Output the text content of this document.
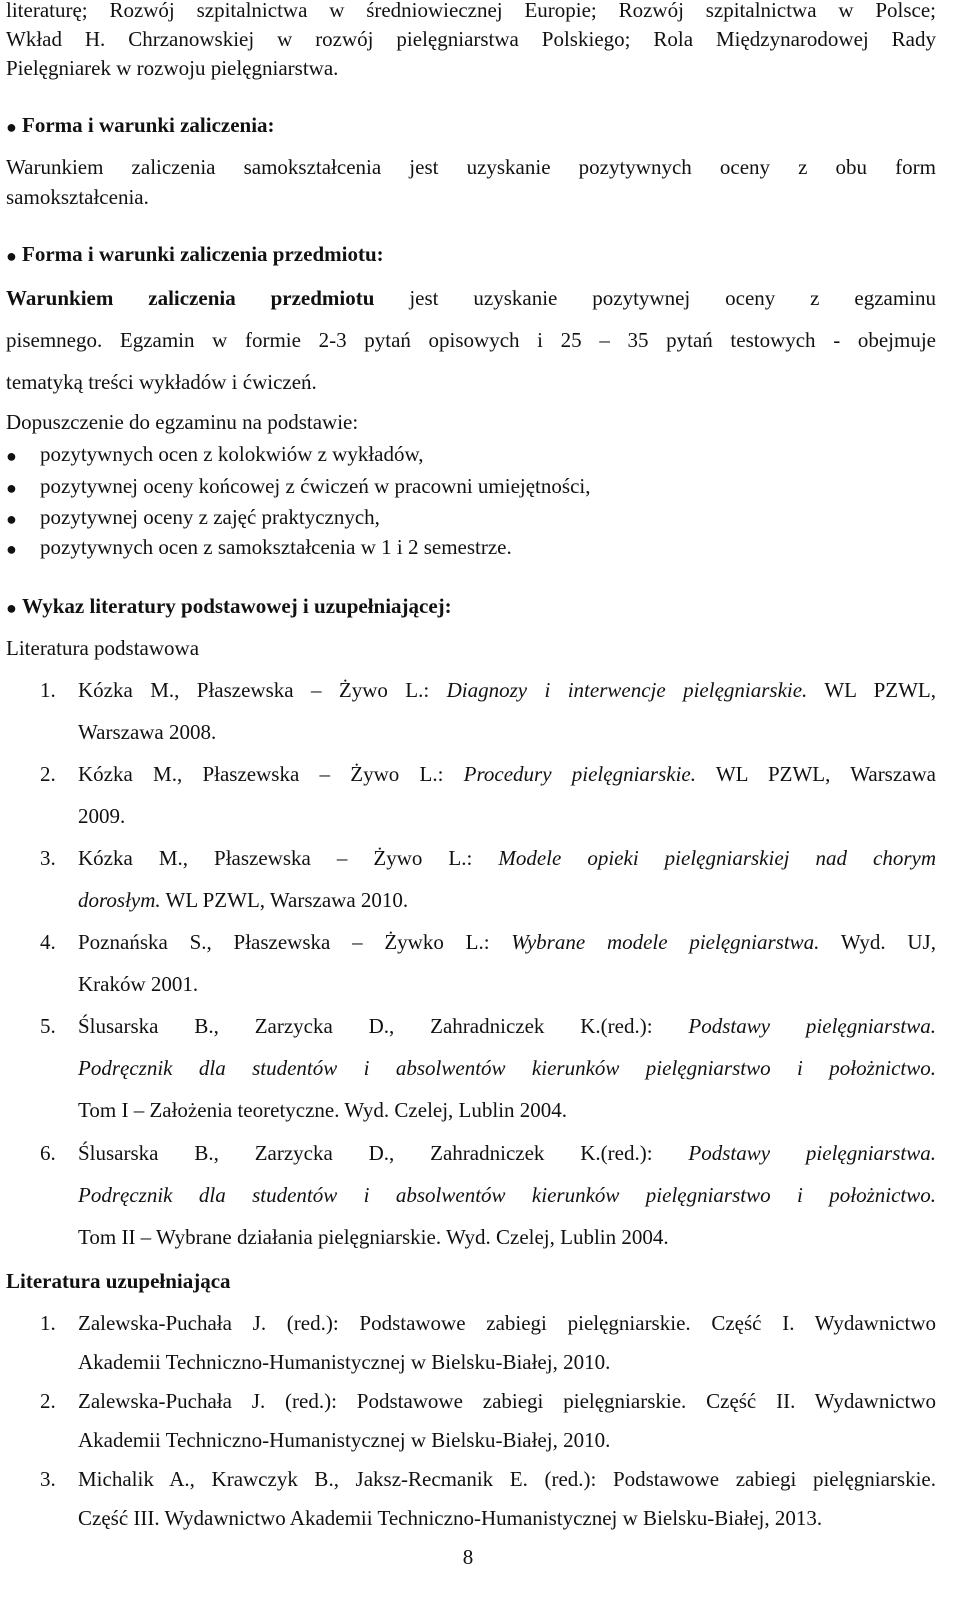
literaturę; Rozwój szpitalnictwa w średniowiecznej Europie; Rozwój szpitalnictwa w Polsce;
Wkład H. Chrzanowskiej w rozwój pielęgniarstwa Polskiego; Rola Międzynarodowej Rady
Pielęgniarek w rozwoju pielęgniarstwa.
● Forma i warunki zaliczenia:
Warunkiem zaliczenia samokształcenia jest uzyskanie pozytywnych oceny z obu form
samokształcenia.
● Forma i warunki zaliczenia przedmiotu:
Warunkiem zaliczenia przedmiotu jest uzyskanie pozytywnej oceny z egzaminu
pisemnego. Egzamin w formie 2-3 pytań opisowych i 25 – 35 pytań testowych - obejmuje
tematyką treści wykładów i ćwiczeń.
Dopuszczenie do egzaminu na podstawie:
● pozytywnych ocen z kolokwiów z wykładów,
● pozytywnej oceny końcowej z ćwiczeń w pracowni umiejętności,
● pozytywnej oceny z zajęć praktycznych,
● pozytywnych ocen z samokształcenia w 1 i 2 semestrze.
● Wykaz literatury podstawowej i uzupełniającej:
Literatura podstawowa
1. Kózka M., Płaszewska – Żywo L.: Diagnozy i interwencje pielęgniarskie. WL PZWL,
Warszawa 2008.
2. Kózka M., Płaszewska – Żywo L.: Procedury pielęgniarskie. WL PZWL, Warszawa
2009.
3. Kózka M., Płaszewska – Żywo L.: Modele opieki pielęgniarskiej nad chorym
dorosłym. WL PZWL, Warszawa 2010.
4. Poznańska S., Płaszewska – Żywko L.: Wybrane modele pielęgniarstwa. Wyd. UJ,
Kraków 2001.
5. Ślusarska B., Zarzycka D., Zahradniczek K.(red.): Podstawy pielęgniarstwa.
Podręcznik dla studentów i absolwentów kierunków pielęgniarstwo i położnictwo.
Tom I – Założenia teoretyczne. Wyd. Czelej, Lublin 2004.
6. Ślusarska B., Zarzycka D., Zahradniczek K.(red.): Podstawy pielęgniarstwa.
Podręcznik dla studentów i absolwentów kierunków pielęgniarstwo i położnictwo.
Tom II – Wybrane działania pielęgniarskie. Wyd. Czelej, Lublin 2004.
Literatura uzupełniająca
1. Zalewska-Puchała J. (red.): Podstawowe zabiegi pielęgniarskie. Część I. Wydawnictwo
Akademii Techniczno-Humanistycznej w Bielsku-Białej, 2010.
2. Zalewska-Puchała J. (red.): Podstawowe zabiegi pielęgniarskie. Część II. Wydawnictwo
Akademii Techniczno-Humanistycznej w Bielsku-Białej, 2010.
3. Michalik A., Krawczyk B., Jaksz-Recmanik E. (red.): Podstawowe zabiegi pielęgniarskie.
Część III. Wydawnictwo Akademii Techniczno-Humanistycznej w Bielsku-Białej, 2013.
8
